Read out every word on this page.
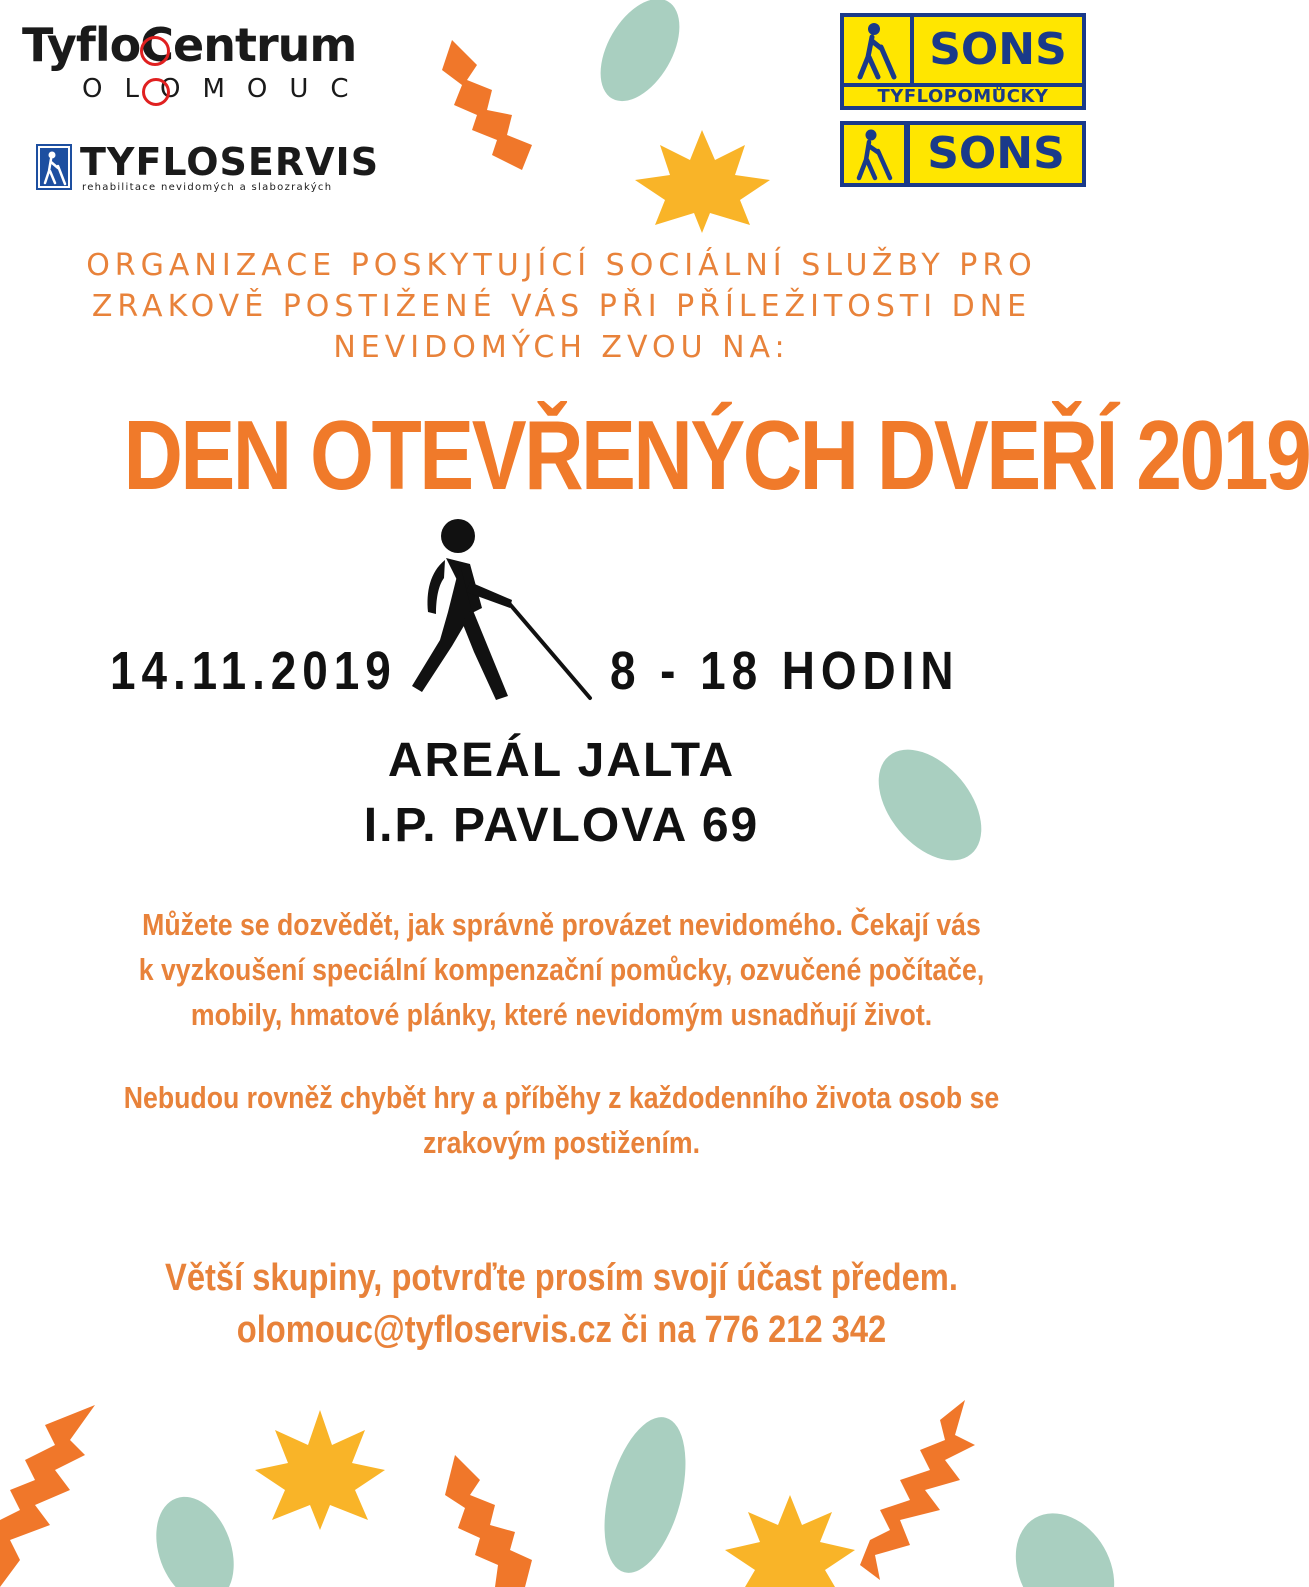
TyfloCentrum
OLOMOUC
TYFLOSERVIS
rehabilitace nevidomých a slabozrakých
SONS
TYFLOPOMŮCKY
SONS
ORGANIZACE POSKYTUJÍCÍ SOCIÁLNÍ SLUŽBY PRO
ZRAKOVĚ POSTIŽENÉ VÁS PŘI PŘÍLEŽITOSTI DNE
NEVIDOMÝCH ZVOU NA:
DEN OTEVŘENÝCH DVEŘÍ 2019
14.11.2019	8 - 18 HODIN
AREÁL JALTA
I.P. PAVLOVA 69
Můžete se dozvědět, jak správně provázet nevidomého. Čekají vás
k vyzkoušení speciální kompenzační pomůcky, ozvučené počítače,
mobily, hmatové plánky, které nevidomým usnadňují život.
Nebudou rovněž chybět hry a příběhy z každodenního života osob se
zrakovým postižením.
Větší skupiny, potvrďte prosím svojí účast předem.
olomouc@tyfloservis.cz či na 776 212 342
